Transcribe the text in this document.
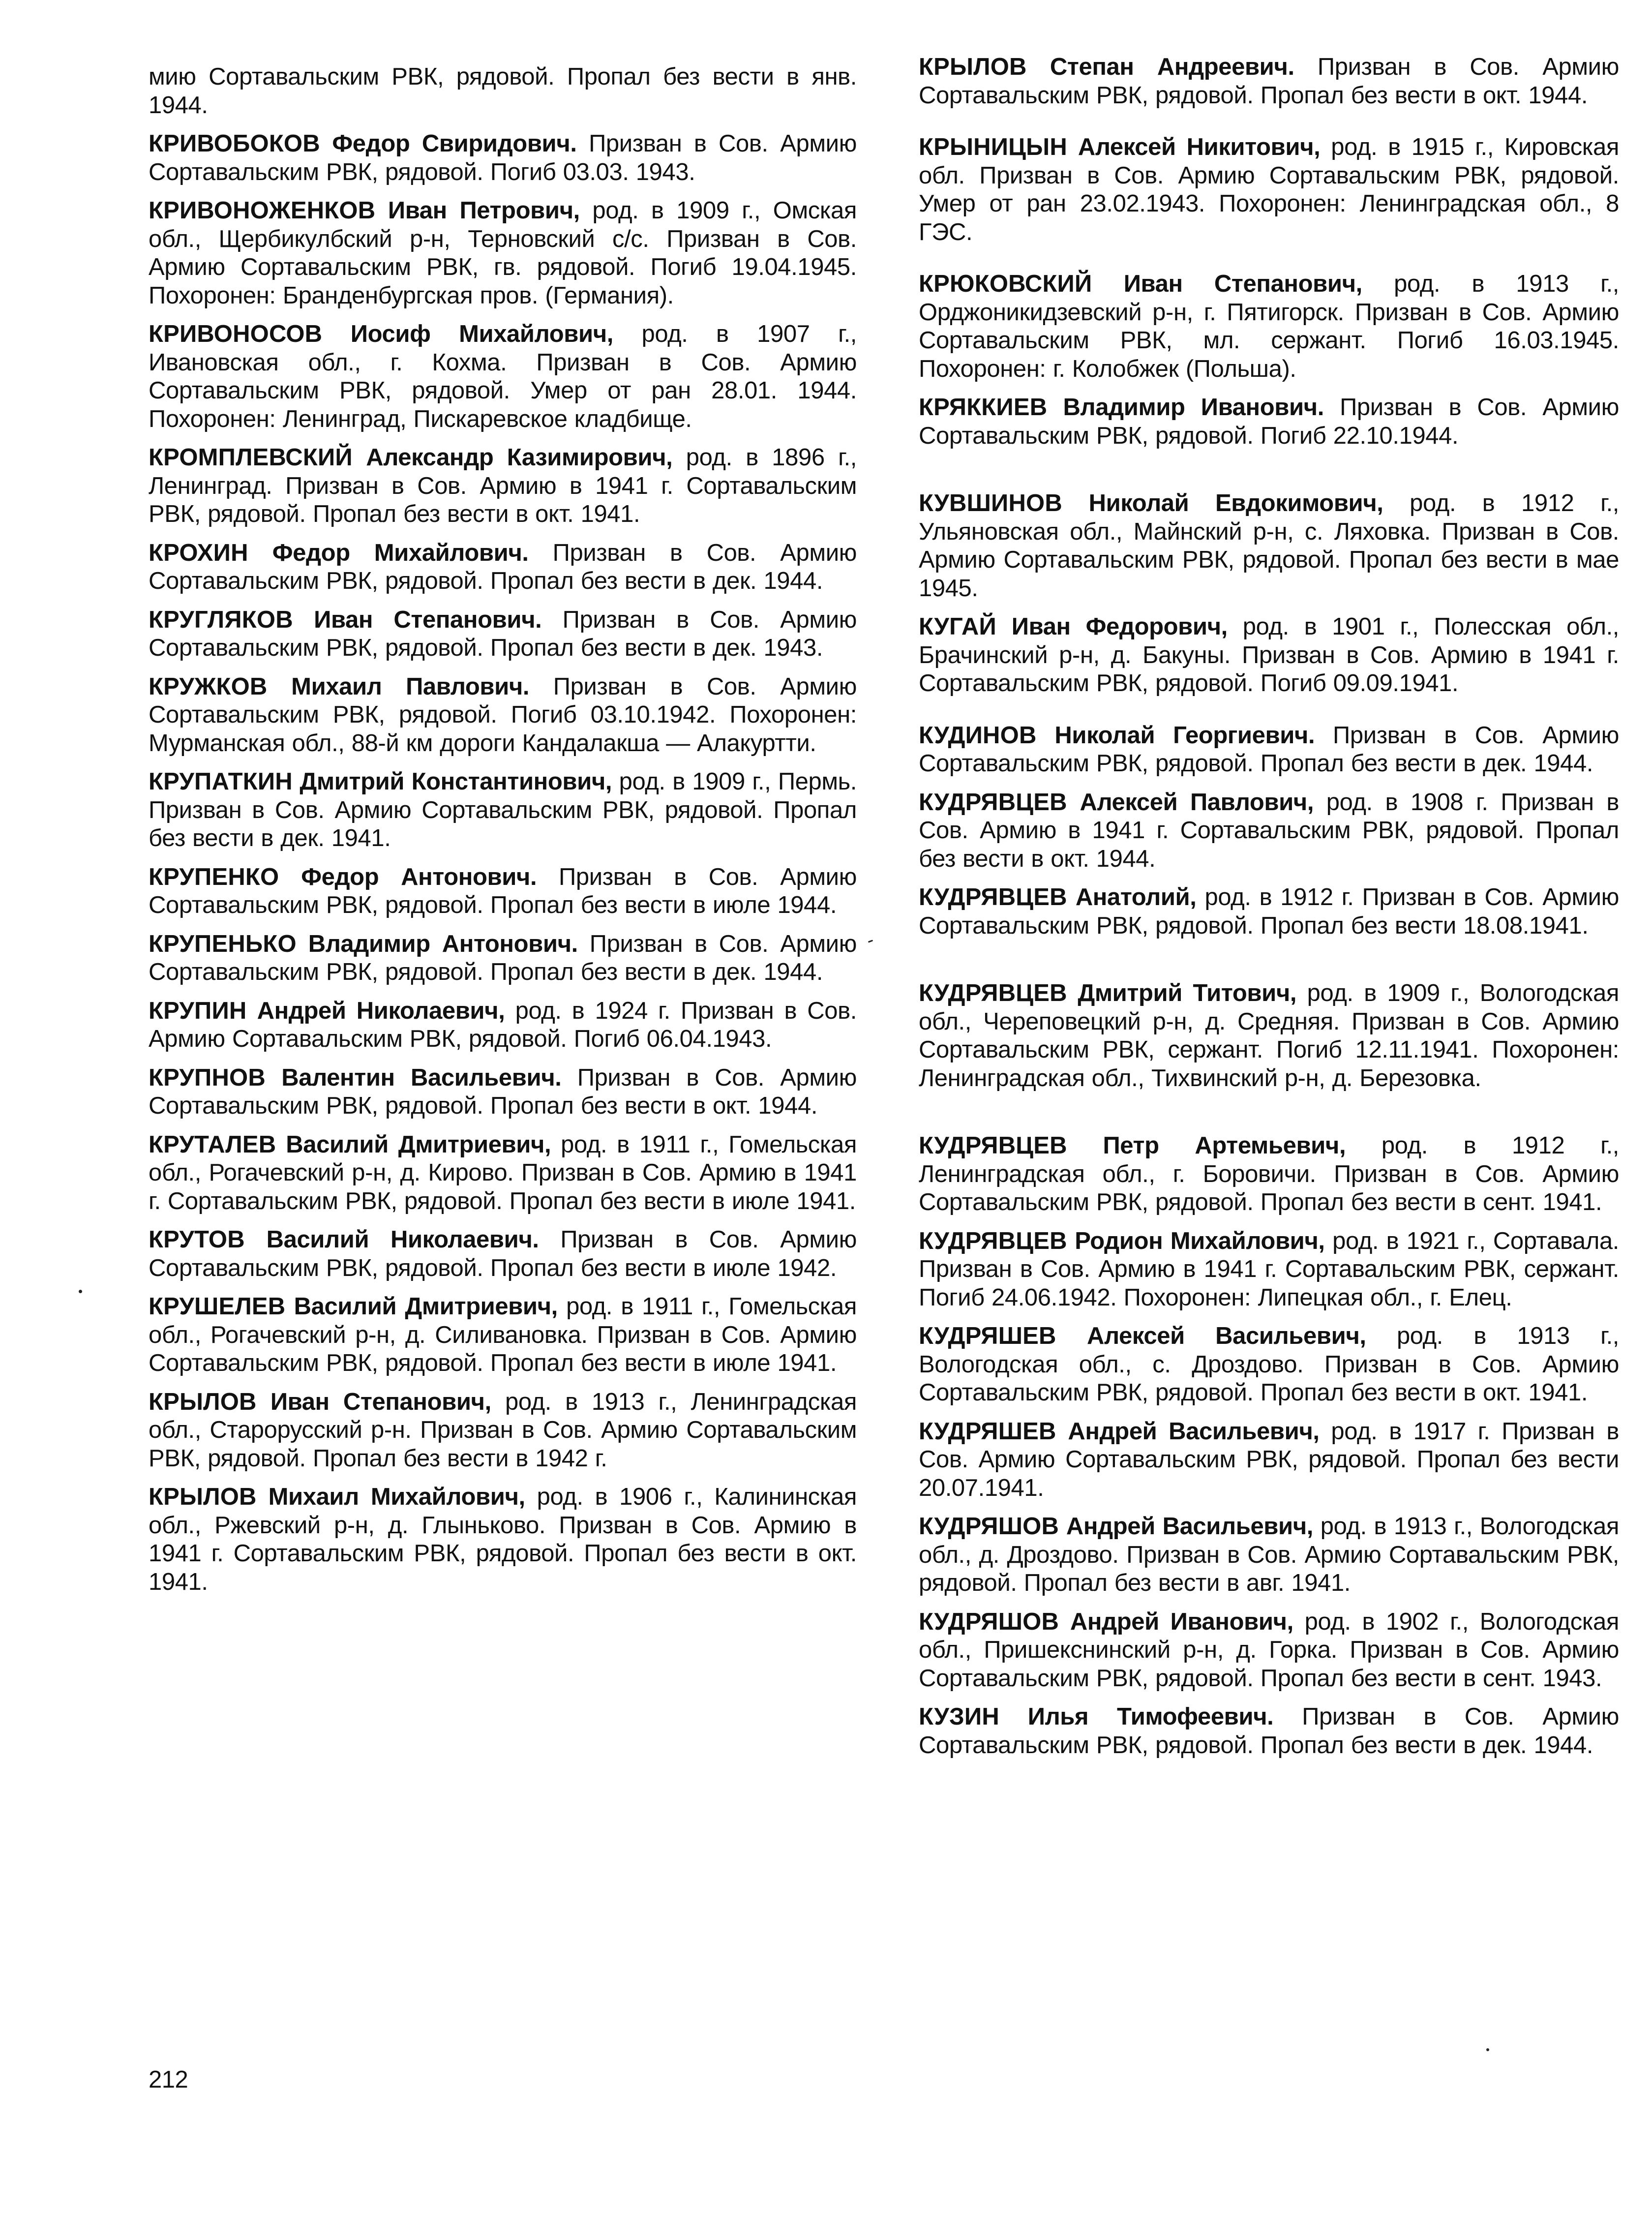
мию Сортавальским РВК, рядовой. Пропал без вести в янв. 1944.

КРИВОБОКОВ Федор Свиридович. Призван в Сов. Армию Сортавальским РВК, рядовой. Погиб 03.03. 1943.

КРИВОНОЖЕНКОВ Иван Петрович, род. в 1909 г., Омская обл., Щербикулбский р-н, Терновский с/с. Призван в Сов. Армию Сортавальским РВК, гв. рядовой. Погиб 19.04.1945. Похоронен: Бранденбургская пров. (Германия).

КРИВОНОСОВ Иосиф Михайлович, род. в 1907 г., Ивановская обл., г. Кохма. Призван в Сов. Армию Сортавальским РВК, рядовой. Умер от ран 28.01. 1944. Похоронен: Ленинград, Пискаревское кладбище.

КРОМПЛЕВСКИЙ Александр Казимирович, род. в 1896 г., Ленинград. Призван в Сов. Армию в 1941 г. Сортавальским РВК, рядовой. Пропал без вести в окт. 1941.

КРОХИН Федор Михайлович. Призван в Сов. Армию Сортавальским РВК, рядовой. Пропал без вести в дек. 1944.

КРУГЛЯКОВ Иван Степанович. Призван в Сов. Армию Сортавальским РВК, рядовой. Пропал без вести в дек. 1943.

КРУЖКОВ Михаил Павлович. Призван в Сов. Армию Сортавальским РВК, рядовой. Погиб 03.10.1942. Похоронен: Мурманская обл., 88-й км дороги Кандалакша — Алакуртти.

КРУПАТКИН Дмитрий Константинович, род. в 1909 г., Пермь. Призван в Сов. Армию Сортавальским РВК, рядовой. Пропал без вести в дек. 1941.

КРУПЕНКО Федор Антонович. Призван в Сов. Армию Сортавальским РВК, рядовой. Пропал без вести в июле 1944.

КРУПЕНЬКО Владимир Антонович. Призван в Сов. Армию Сортавальским РВК, рядовой. Пропал без вести в дек. 1944.

КРУПИН Андрей Николаевич, род. в 1924 г. Призван в Сов. Армию Сортавальским РВК, рядовой. Погиб 06.04.1943.

КРУПНОВ Валентин Васильевич. Призван в Сов. Армию Сортавальским РВК, рядовой. Пропал без вести в окт. 1944.

КРУТАЛЕВ Василий Дмитриевич, род. в 1911 г., Гомельская обл., Рогачевский р-н, д. Кирово. Призван в Сов. Армию в 1941 г. Сортавальским РВК, рядовой. Пропал без вести в июле 1941.

КРУТОВ Василий Николаевич. Призван в Сов. Армию Сортавальским РВК, рядовой. Пропал без вести в июле 1942.

КРУШЕЛЕВ Василий Дмитриевич, род. в 1911 г., Гомельская обл., Рогачевский р-н, д. Силивановка. Призван в Сов. Армию Сортавальским РВК, рядовой. Пропал без вести в июле 1941.

КРЫЛОВ Иван Степанович, род. в 1913 г., Ленинградская обл., Старорусский р-н. Призван в Сов. Армию Сортавальским РВК, рядовой. Пропал без вести в 1942 г.

КРЫЛОВ Михаил Михайлович, род. в 1906 г., Калининская обл., Ржевский р-н, д. Глыньково. Призван в Сов. Армию в 1941 г. Сортавальским РВК, рядовой. Пропал без вести в окт. 1941.

КРЫЛОВ Степан Андреевич. Призван в Сов. Армию Сортавальским РВК, рядовой. Пропал без вести в окт. 1944.

КРЫНИЦЫН Алексей Никитович, род. в 1915 г., Кировская обл. Призван в Сов. Армию Сортавальским РВК, рядовой. Умер от ран 23.02.1943. Похоронен: Ленинградская обл., 8 ГЭС.

КРЮКОВСКИЙ Иван Степанович, род. в 1913 г., Орджоникидзевский р-н, г. Пятигорск. Призван в Сов. Армию Сортавальским РВК, мл. сержант. Погиб 16.03.1945. Похоронен: г. Колобжек (Польша).

КРЯККИЕВ Владимир Иванович. Призван в Сов. Армию Сортавальским РВК, рядовой. Погиб 22.10.1944.

КУВШИНОВ Николай Евдокимович, род. в 1912 г., Ульяновская обл., Майнский р-н, с. Ляховка. Призван в Сов. Армию Сортавальским РВК, рядовой. Пропал без вести в мае 1945.

КУГАЙ Иван Федорович, род. в 1901 г., Полесская обл., Брачинский р-н, д. Бакуны. Призван в Сов. Армию в 1941 г. Сортавальским РВК, рядовой. Погиб 09.09.1941.

КУДИНОВ Николай Георгиевич. Призван в Сов. Армию Сортавальским РВК, рядовой. Пропал без вести в дек. 1944.

КУДРЯВЦЕВ Алексей Павлович, род. в 1908 г. Призван в Сов. Армию в 1941 г. Сортавальским РВК, рядовой. Пропал без вести в окт. 1944.

КУДРЯВЦЕВ Анатолий, род. в 1912 г. Призван в Сов. Армию Сортавальским РВК, рядовой. Пропал без вести 18.08.1941.

КУДРЯВЦЕВ Дмитрий Титович, род. в 1909 г., Вологодская обл., Череповецкий р-н, д. Средняя. Призван в Сов. Армию Сортавальским РВК, сержант. Погиб 12.11.1941. Похоронен: Ленинградская обл., Тихвинский р-н, д. Березовка.

КУДРЯВЦЕВ Петр Артемьевич, род. в 1912 г., Ленинградская обл., г. Боровичи. Призван в Сов. Армию Сортавальским РВК, рядовой. Пропал без вести в сент. 1941.

КУДРЯВЦЕВ Родион Михайлович, род. в 1921 г., Сортавала. Призван в Сов. Армию в 1941 г. Сортавальским РВК, сержант. Погиб 24.06.1942. Похоронен: Липецкая обл., г. Елец.

КУДРЯШЕВ Алексей Васильевич, род. в 1913 г., Вологодская обл., с. Дроздово. Призван в Сов. Армию Сортавальским РВК, рядовой. Пропал без вести в окт. 1941.

КУДРЯШЕВ Андрей Васильевич, род. в 1917 г. Призван в Сов. Армию Сортавальским РВК, рядовой. Пропал без вести 20.07.1941.

КУДРЯШОВ Андрей Васильевич, род. в 1913 г., Вологодская обл., д. Дроздово. Призван в Сов. Армию Сортавальским РВК, рядовой. Пропал без вести в авг. 1941.

КУДРЯШОВ Андрей Иванович, род. в 1902 г., Вологодская обл., Пришекснинский р-н, д. Горка. Призван в Сов. Армию Сортавальским РВК, рядовой. Пропал без вести в сент. 1943.

КУЗИН Илья Тимофеевич. Призван в Сов. Армию Сортавальским РВК, рядовой. Пропал без вести в дек. 1944.

212
